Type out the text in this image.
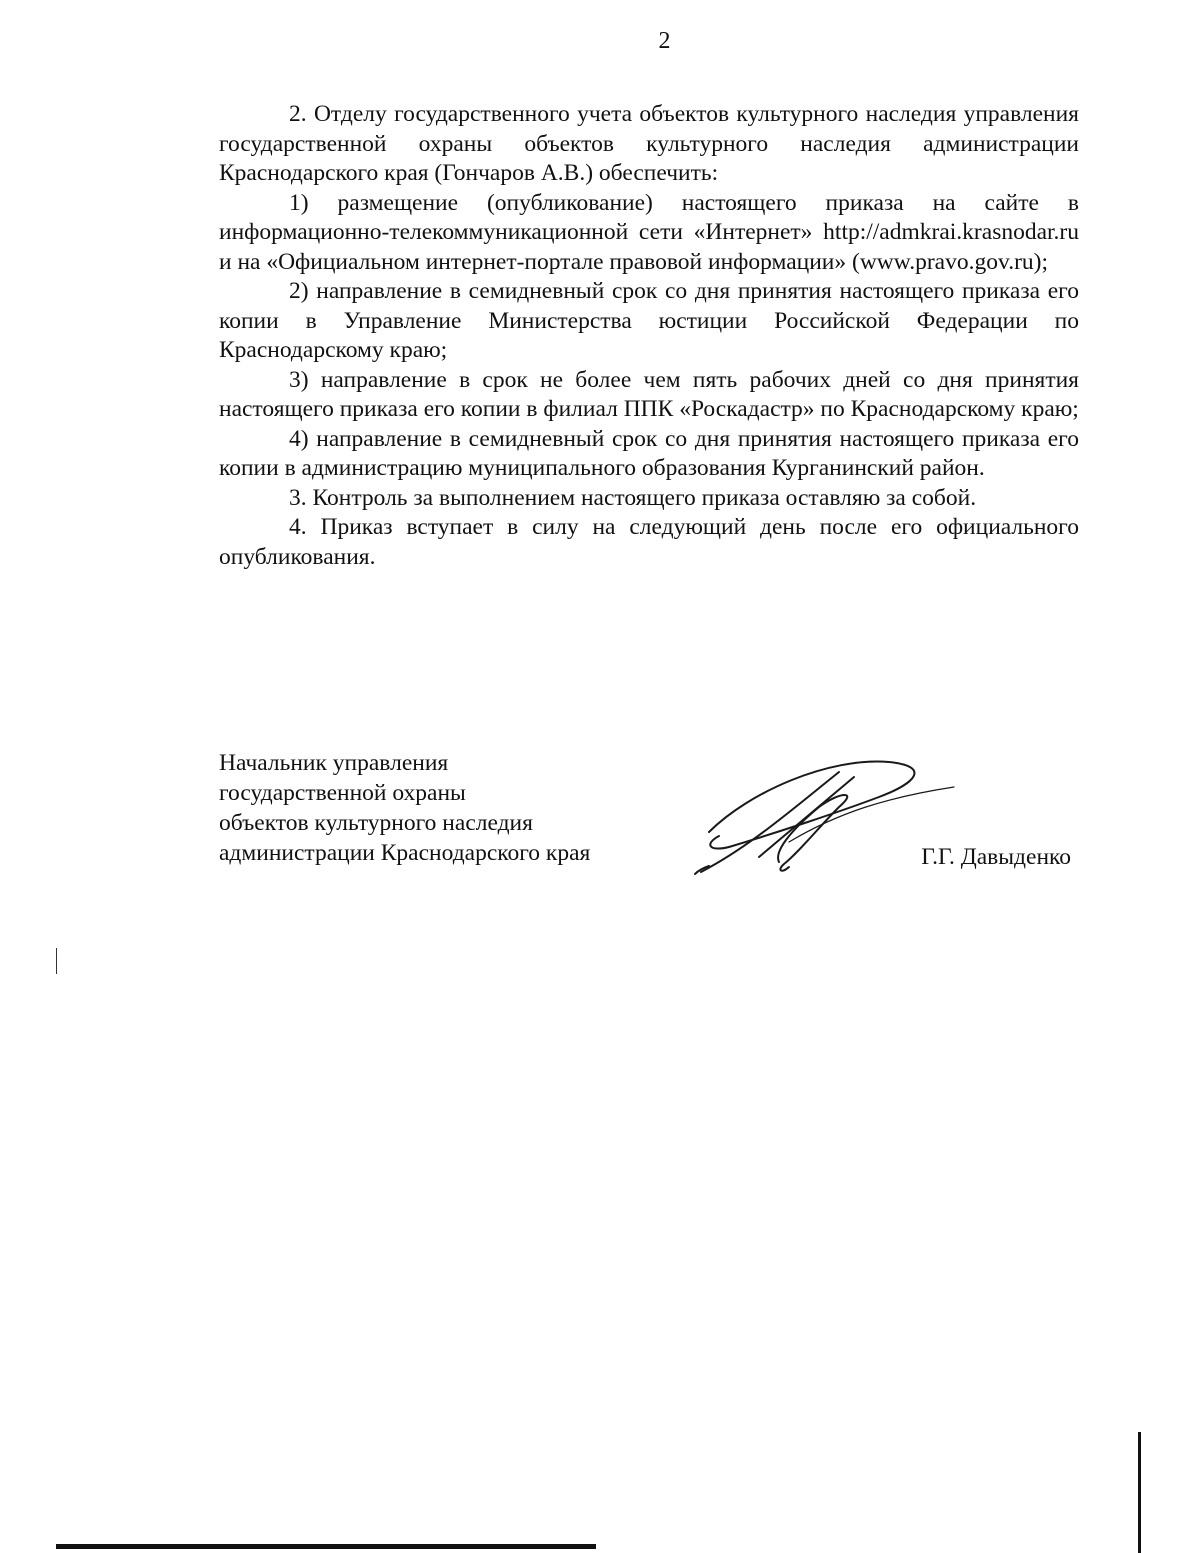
2

2. Отделу государственного учета объектов культурного наследия управления государственной охраны объектов культурного наследия администрации Краснодарского края (Гончаров А.В.) обеспечить:

1) размещение (опубликование) настоящего приказа на сайте в информационно-телекоммуникационной сети «Интернет» http://admkrai.krasnodar.ru и на «Официальном интернет-портале правовой информации» (www.pravo.gov.ru);

2) направление в семидневный срок со дня принятия настоящего приказа его копии в Управление Министерства юстиции Российской Федерации по Краснодарскому краю;

3) направление в срок не более чем пять рабочих дней со дня принятия настоящего приказа его копии в филиал ППК «Роскадастр» по Краснодарскому краю;

4) направление в семидневный срок со дня принятия настоящего приказа его копии в администрацию муниципального образования Курганинский район.

3. Контроль за выполнением настоящего приказа оставляю за собой.

4. Приказ вступает в силу на следующий день после его официального опубликования.

Начальник управления
государственной охраны
объектов культурного наследия
администрации Краснодарского края	Г.Г. Давыденко
